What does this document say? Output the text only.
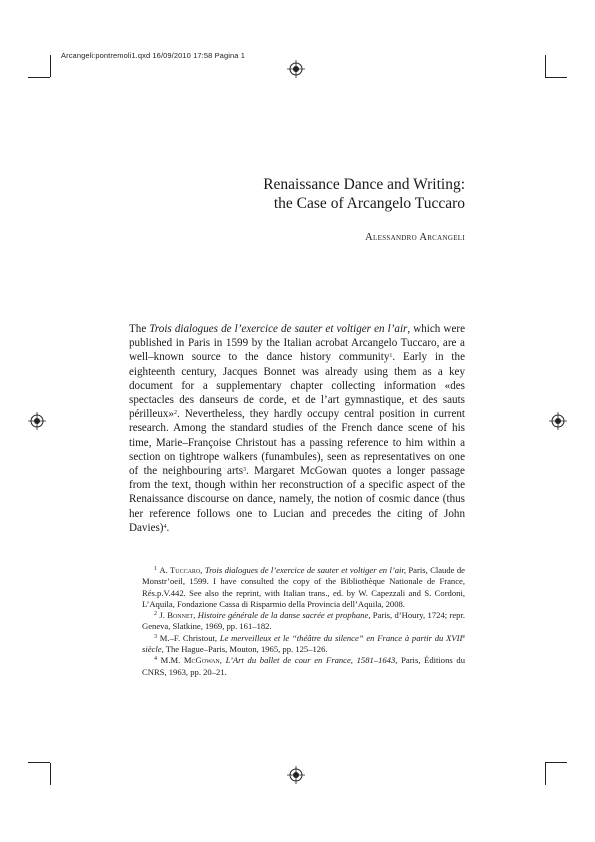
Arcangeli:pontremoli1.qxd 16/09/2010 17:58 Pagina 1
Renaissance Dance and Writing:
the Case of Arcangelo Tuccaro
Alessandro Arcangeli

The Trois dialogues de l’exercice de sauter et voltiger en l’air, which were published in Paris in 1599 by the Italian acrobat Arcangelo Tuccaro, are a well–known source to the dance history community$^1$. Early in the eighteenth century, Jacques Bonnet was already using them as a key document for a supplementary chapter collecting information «des spectacles des danseurs de corde, et de l’art gymnastique, et des sauts périlleux»$^2$. Nevertheless, they hardly occupy central position in current research. Among the standard studies of the French dance scene of his time, Marie–Françoise Christout has a passing reference to him within a section on tightrope walkers (funambules), seen as representatives on one of the neighbouring arts$^3$. Margaret McGowan quotes a longer passage from the text, though within her reconstruction of a specific aspect of the Renaissance discourse on dance, namely, the notion of cosmic dance (thus her reference follows one to Lucian and precedes the citing of John Davies)$^4$.

$^1$ A. Tuccaro, Trois dialogues de l’exercice de sauter et voltiger en l’air, Paris, Claude de Monstr’oeil, 1599. I have consulted the copy of the Bibliothèque Nationale de France, Rés.p.V.442. See also the reprint, with Italian trans., ed. by W. Capezzali and S. Cordoni, L’Aquila, Fondazione Cassa di Risparmio della Provincia dell’Aquila, 2008.

$^2$ J. Bonnet, Histoire générale de la danse sacrée et prophane, Paris, d’Houry, 1724; repr. Geneva, Slatkine, 1969, pp. 161–182.

$^3$ M.–F. Christout, Le merveilleux et le “théâtre du silence” en France à partir du XVIIe siècle, The Hague–Paris, Mouton, 1965, pp. 125–126.

$^4$ M.M. McGowan, L’Art du ballet de cour en France, 1581–1643, Paris, Éditions du CNRS, 1963, pp. 20–21.
